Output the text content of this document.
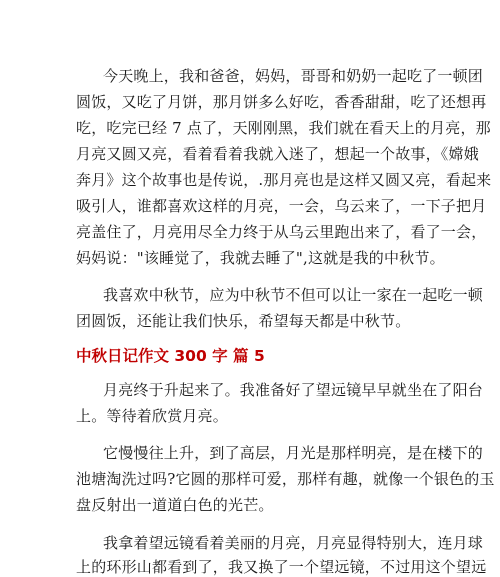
今天晚上，我和爸爸，妈妈，哥哥和奶奶一起吃了一顿团
圆饭，又吃了月饼，那月饼多么好吃，香香甜甜，吃了还想再
吃，吃完已经 7 点了，天刚刚黑，我们就在看天上的月亮，那
月亮又圆又亮，看着看着我就入迷了，想起一个故事，《嫦娥
奔月》这个故事也是传说，.那月亮也是这样又圆又亮，看起来
吸引人，谁都喜欢这样的月亮，一会，乌云来了，一下子把月
亮盖住了，月亮用尽全力终于从乌云里跑出来了，看了一会，
妈妈说："该睡觉了，我就去睡了",这就是我的中秋节。
我喜欢中秋节，应为中秋节不但可以让一家在一起吃一顿
团圆饭，还能让我们快乐，希望每天都是中秋节。
中秋日记作文 300 字 篇 5
月亮终于升起来了。我准备好了望远镜早早就坐在了阳台
上。等待着欣赏月亮。
它慢慢往上升，到了高层，月光是那样明亮，是在楼下的
池塘淘洗过吗?它圆的那样可爱，那样有趣，就像一个银色的玉
盘反射出一道道白色的光芒。
我拿着望远镜看着美丽的月亮，月亮显得特别大，连月球
上的环形山都看到了，我又换了一个望远镜，不过用这个望远
